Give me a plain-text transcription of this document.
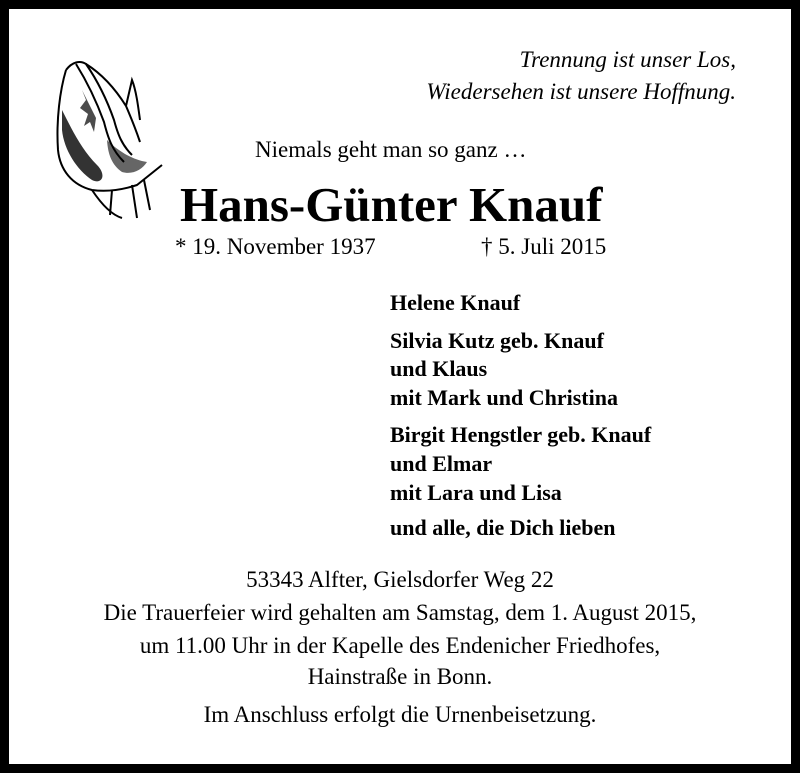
Trennung ist unser Los,
Wiedersehen ist unsere Hoffnung.
Niemals geht man so ganz …
Hans-Günter Knauf
* 19. November 1937	† 5. Juli 2015
Helene Knauf
Silvia Kutz geb. Knauf
und Klaus
mit Mark und Christina
Birgit Hengstler geb. Knauf
und Elmar
mit Lara und Lisa
und alle, die Dich lieben
53343 Alfter, Gielsdorfer Weg 22
Die Trauerfeier wird gehalten am Samstag, dem 1. August 2015,
um 11.00 Uhr in der Kapelle des Endenicher Friedhofes,
Hainstraße in Bonn.
Im Anschluss erfolgt die Urnenbeisetzung.
